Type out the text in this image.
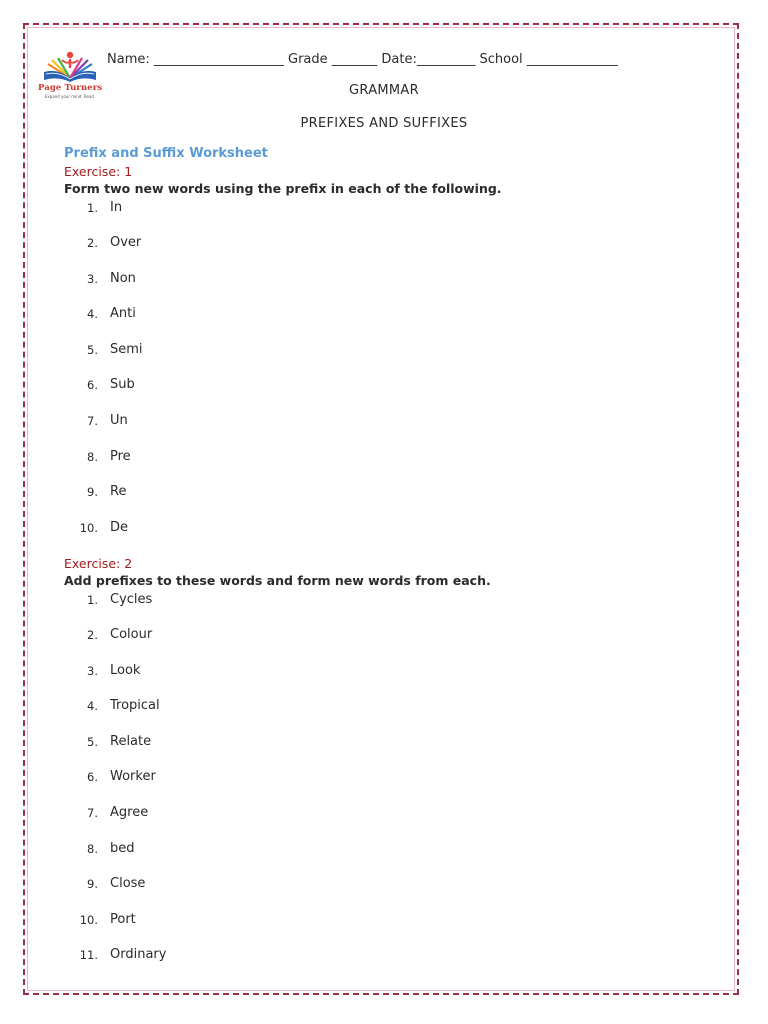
Page Turners
Expand your mind. Read.
Name: ____________________ Grade _______ Date:_________ School ______________
GRAMMAR
PREFIXES AND SUFFIXES
Prefix and Suffix Worksheet
Exercise: 1
Form two new words using the prefix in each of the following.
1. In
2. Over
3. Non
4. Anti
5. Semi
6. Sub
7. Un
8. Pre
9. Re
10. De
Exercise: 2
Add prefixes to these words and form new words from each.
1. Cycles
2. Colour
3. Look
4. Tropical
5. Relate
6. Worker
7. Agree
8. bed
9. Close
10. Port
11. Ordinary
